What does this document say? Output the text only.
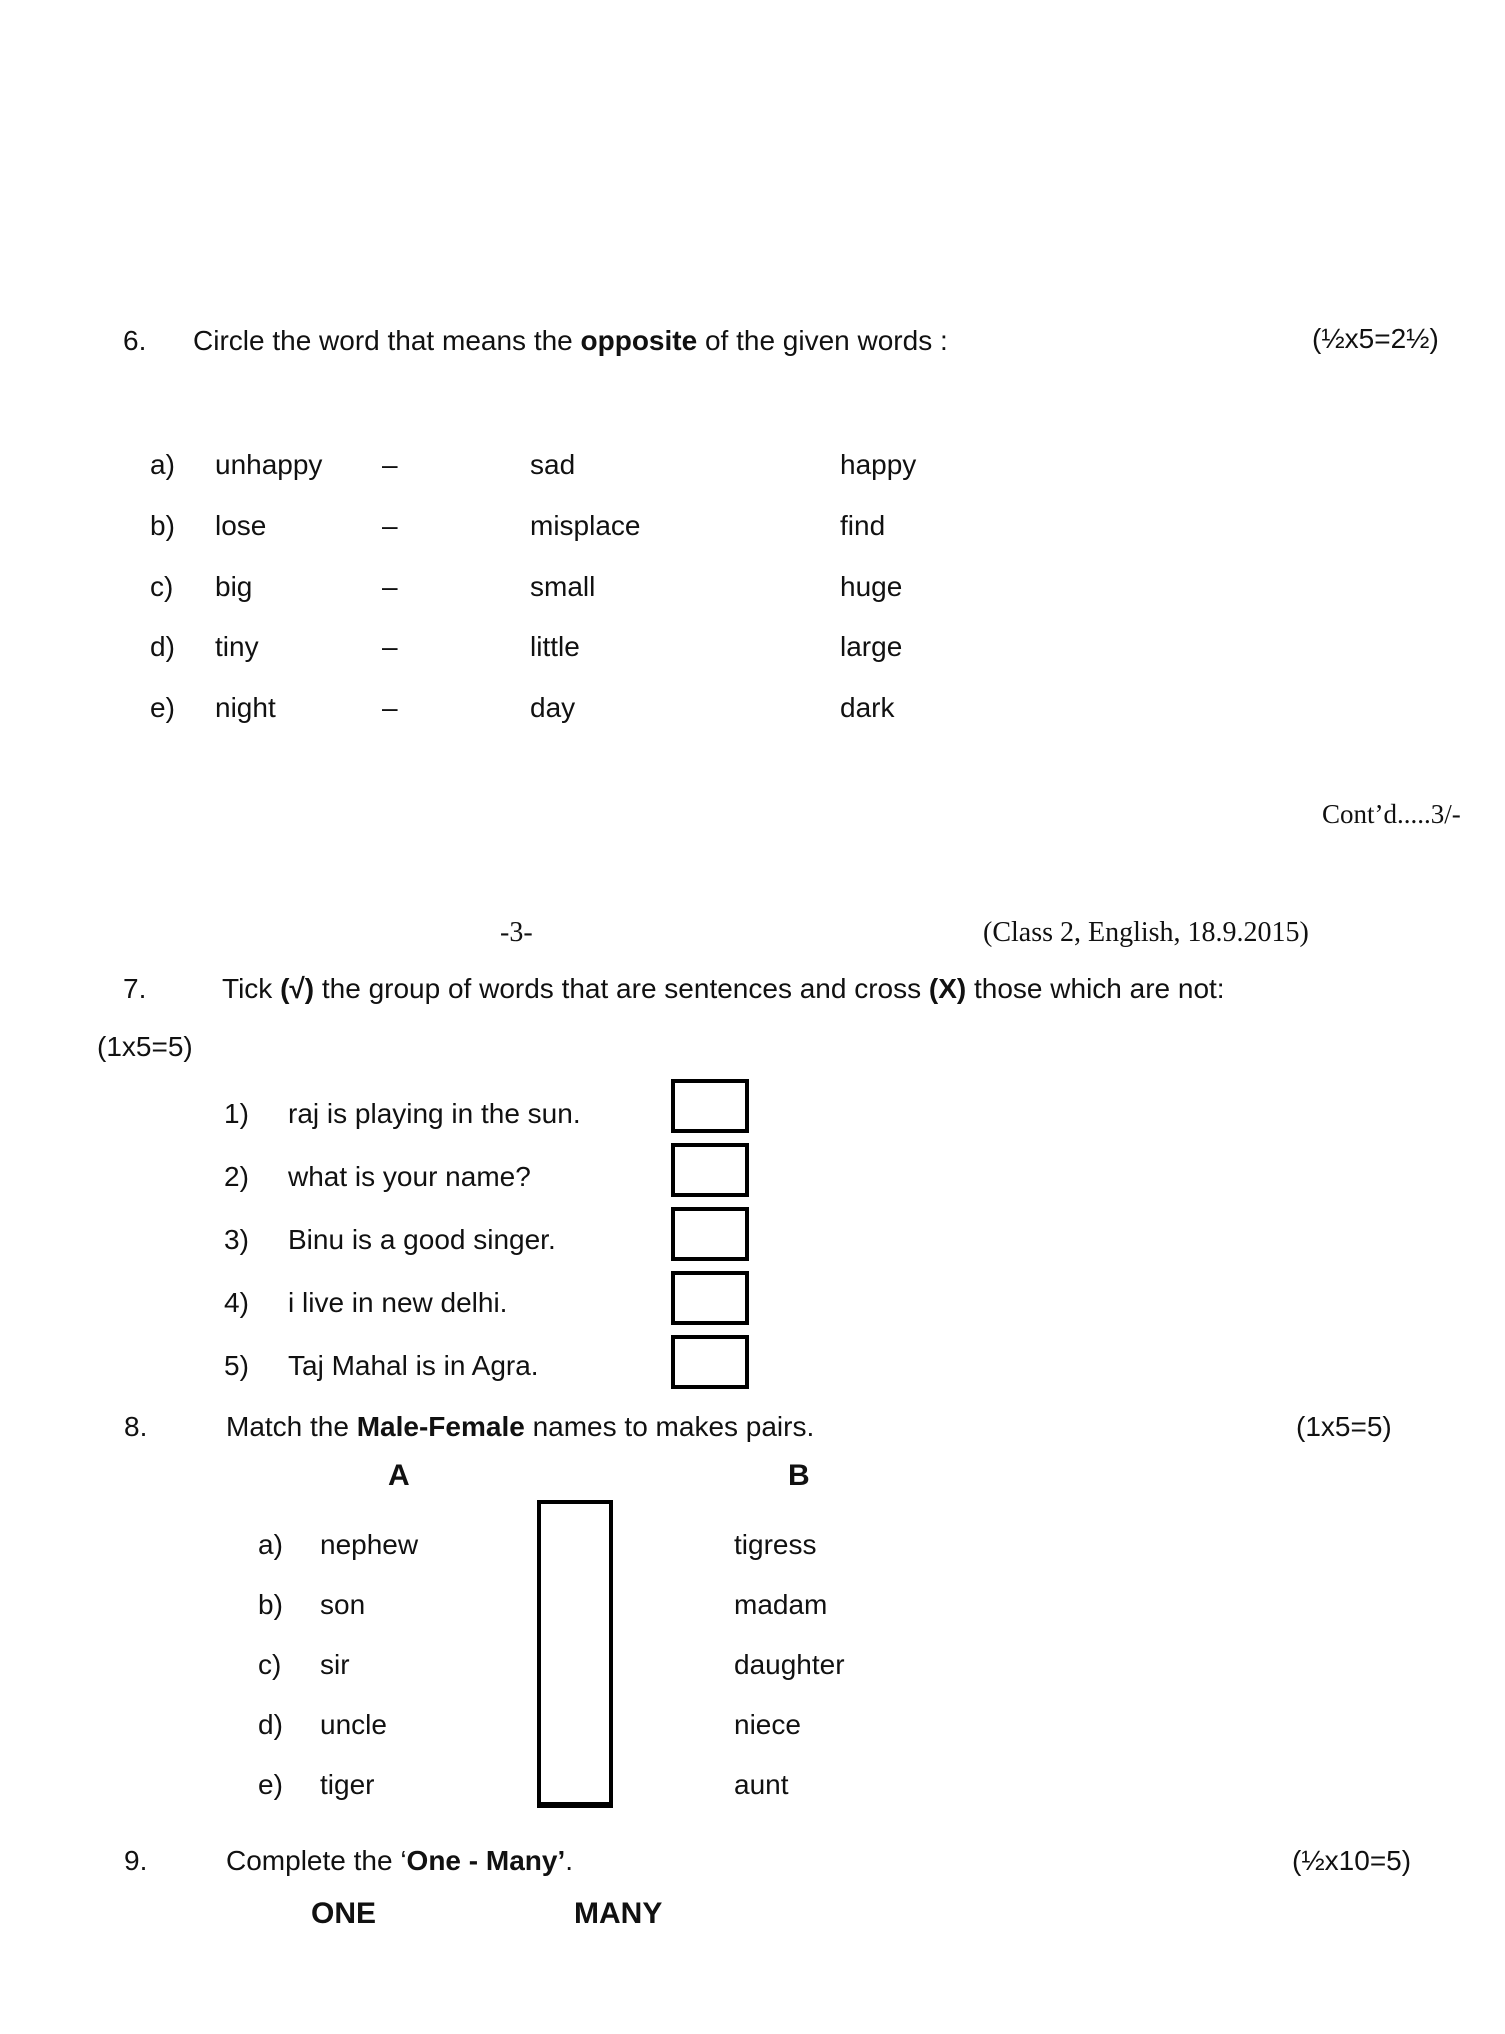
6. Circle the word that means the opposite of the given words :	(½x5=2½)
a) unhappy –	sad	happy
b) lose	–	misplace	find
c) big	–	small	huge
d) tiny	–	little	large
e) night	–	day	dark
Cont’d.....3/-
-3-	(Class 2, English, 18.9.2015)
7.	Tick (√) the group of words that are sentences and cross (X) those which are not:
(1x5=5)
1) raj is playing in the sun.
2) what is your name?
3) Binu is a good singer.
4) i live in new delhi.
5) Taj Mahal is in Agra.
8.	Match the Male-Female names to makes pairs.	(1x5=5)
A	B
a) nephew	tigress
b) son	madam
c) sir	daughter
d) uncle	niece
e) tiger	aunt
9.	Complete the ‘One - Many’.	(½x10=5)
ONE	MANY
